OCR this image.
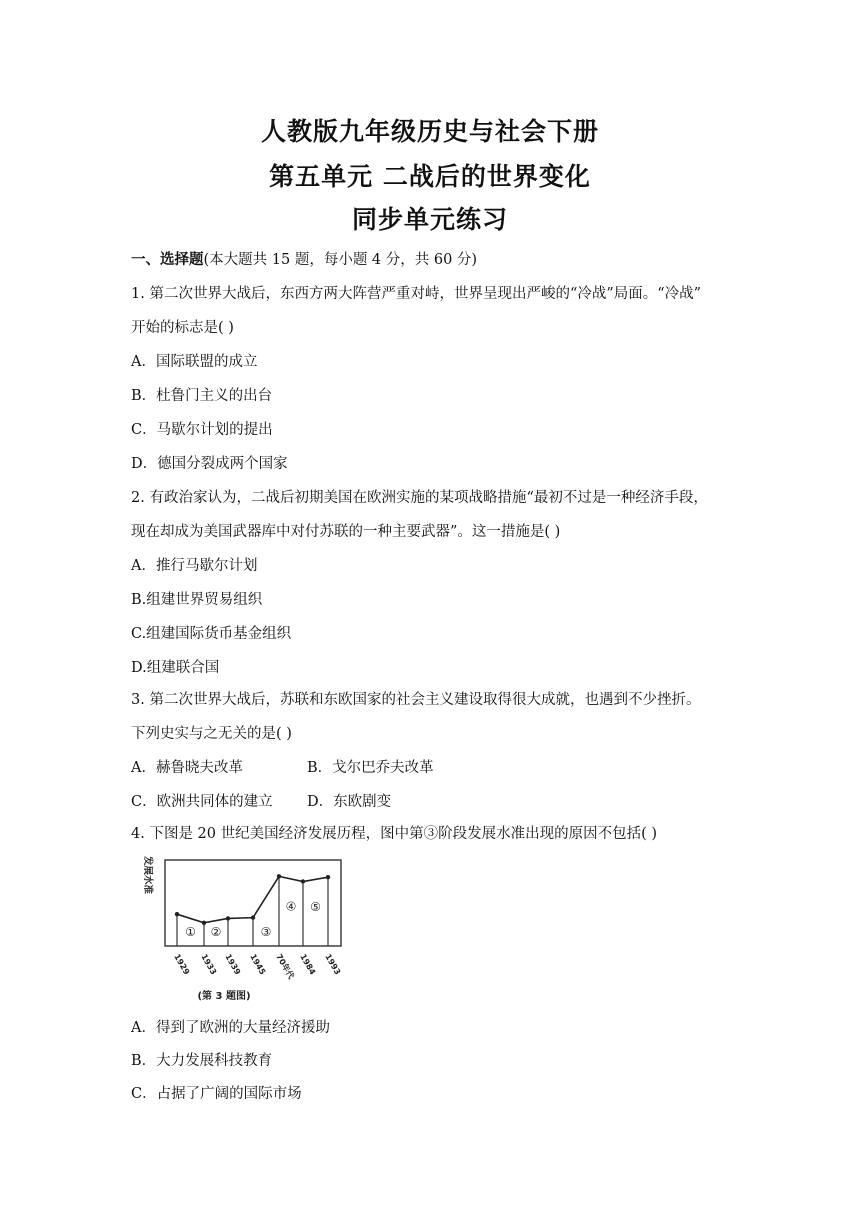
人教版九年级历史与社会下册
第五单元 二战后的世界变化
同步单元练习
一、选择题(本大题共 15 题，每小题 4 分，共 60 分)
1. 第二次世界大战后，东西方两大阵营严重对峙，世界呈现出严峻的“冷战”局面。“冷战”
开始的标志是( )
A．国际联盟的成立
B．杜鲁门主义的出台
C．马歇尔计划的提出
D．德国分裂成两个国家
2. 有政治家认为，二战后初期美国在欧洲实施的某项战略措施“最初不过是一种经济手段，
现在却成为美国武器库中对付苏联的一种主要武器”。这一措施是( )
A．推行马歇尔计划
B.组建世界贸易组织
C.组建国际货币基金组织
D.组建联合国
3. 第二次世界大战后，苏联和东欧国家的社会主义建设取得很大成就，也遇到不少挫折。
下列史实与之无关的是( )
A．赫鲁晓夫改革	B．戈尔巴乔夫改革
C．欧洲共同体的建立 D．东欧剧变
4. 下图是 20 世纪美国经济发展历程，图中第③阶段发展水准出现的原因不包括( )
发展水准
(第 3 题图)
① ②	③
④ ⑤
1929 1933 1939 1945 70年代 1984 1993
A．得到了欧洲的大量经济援助
B．大力发展科技教育
C．占据了广阔的国际市场
